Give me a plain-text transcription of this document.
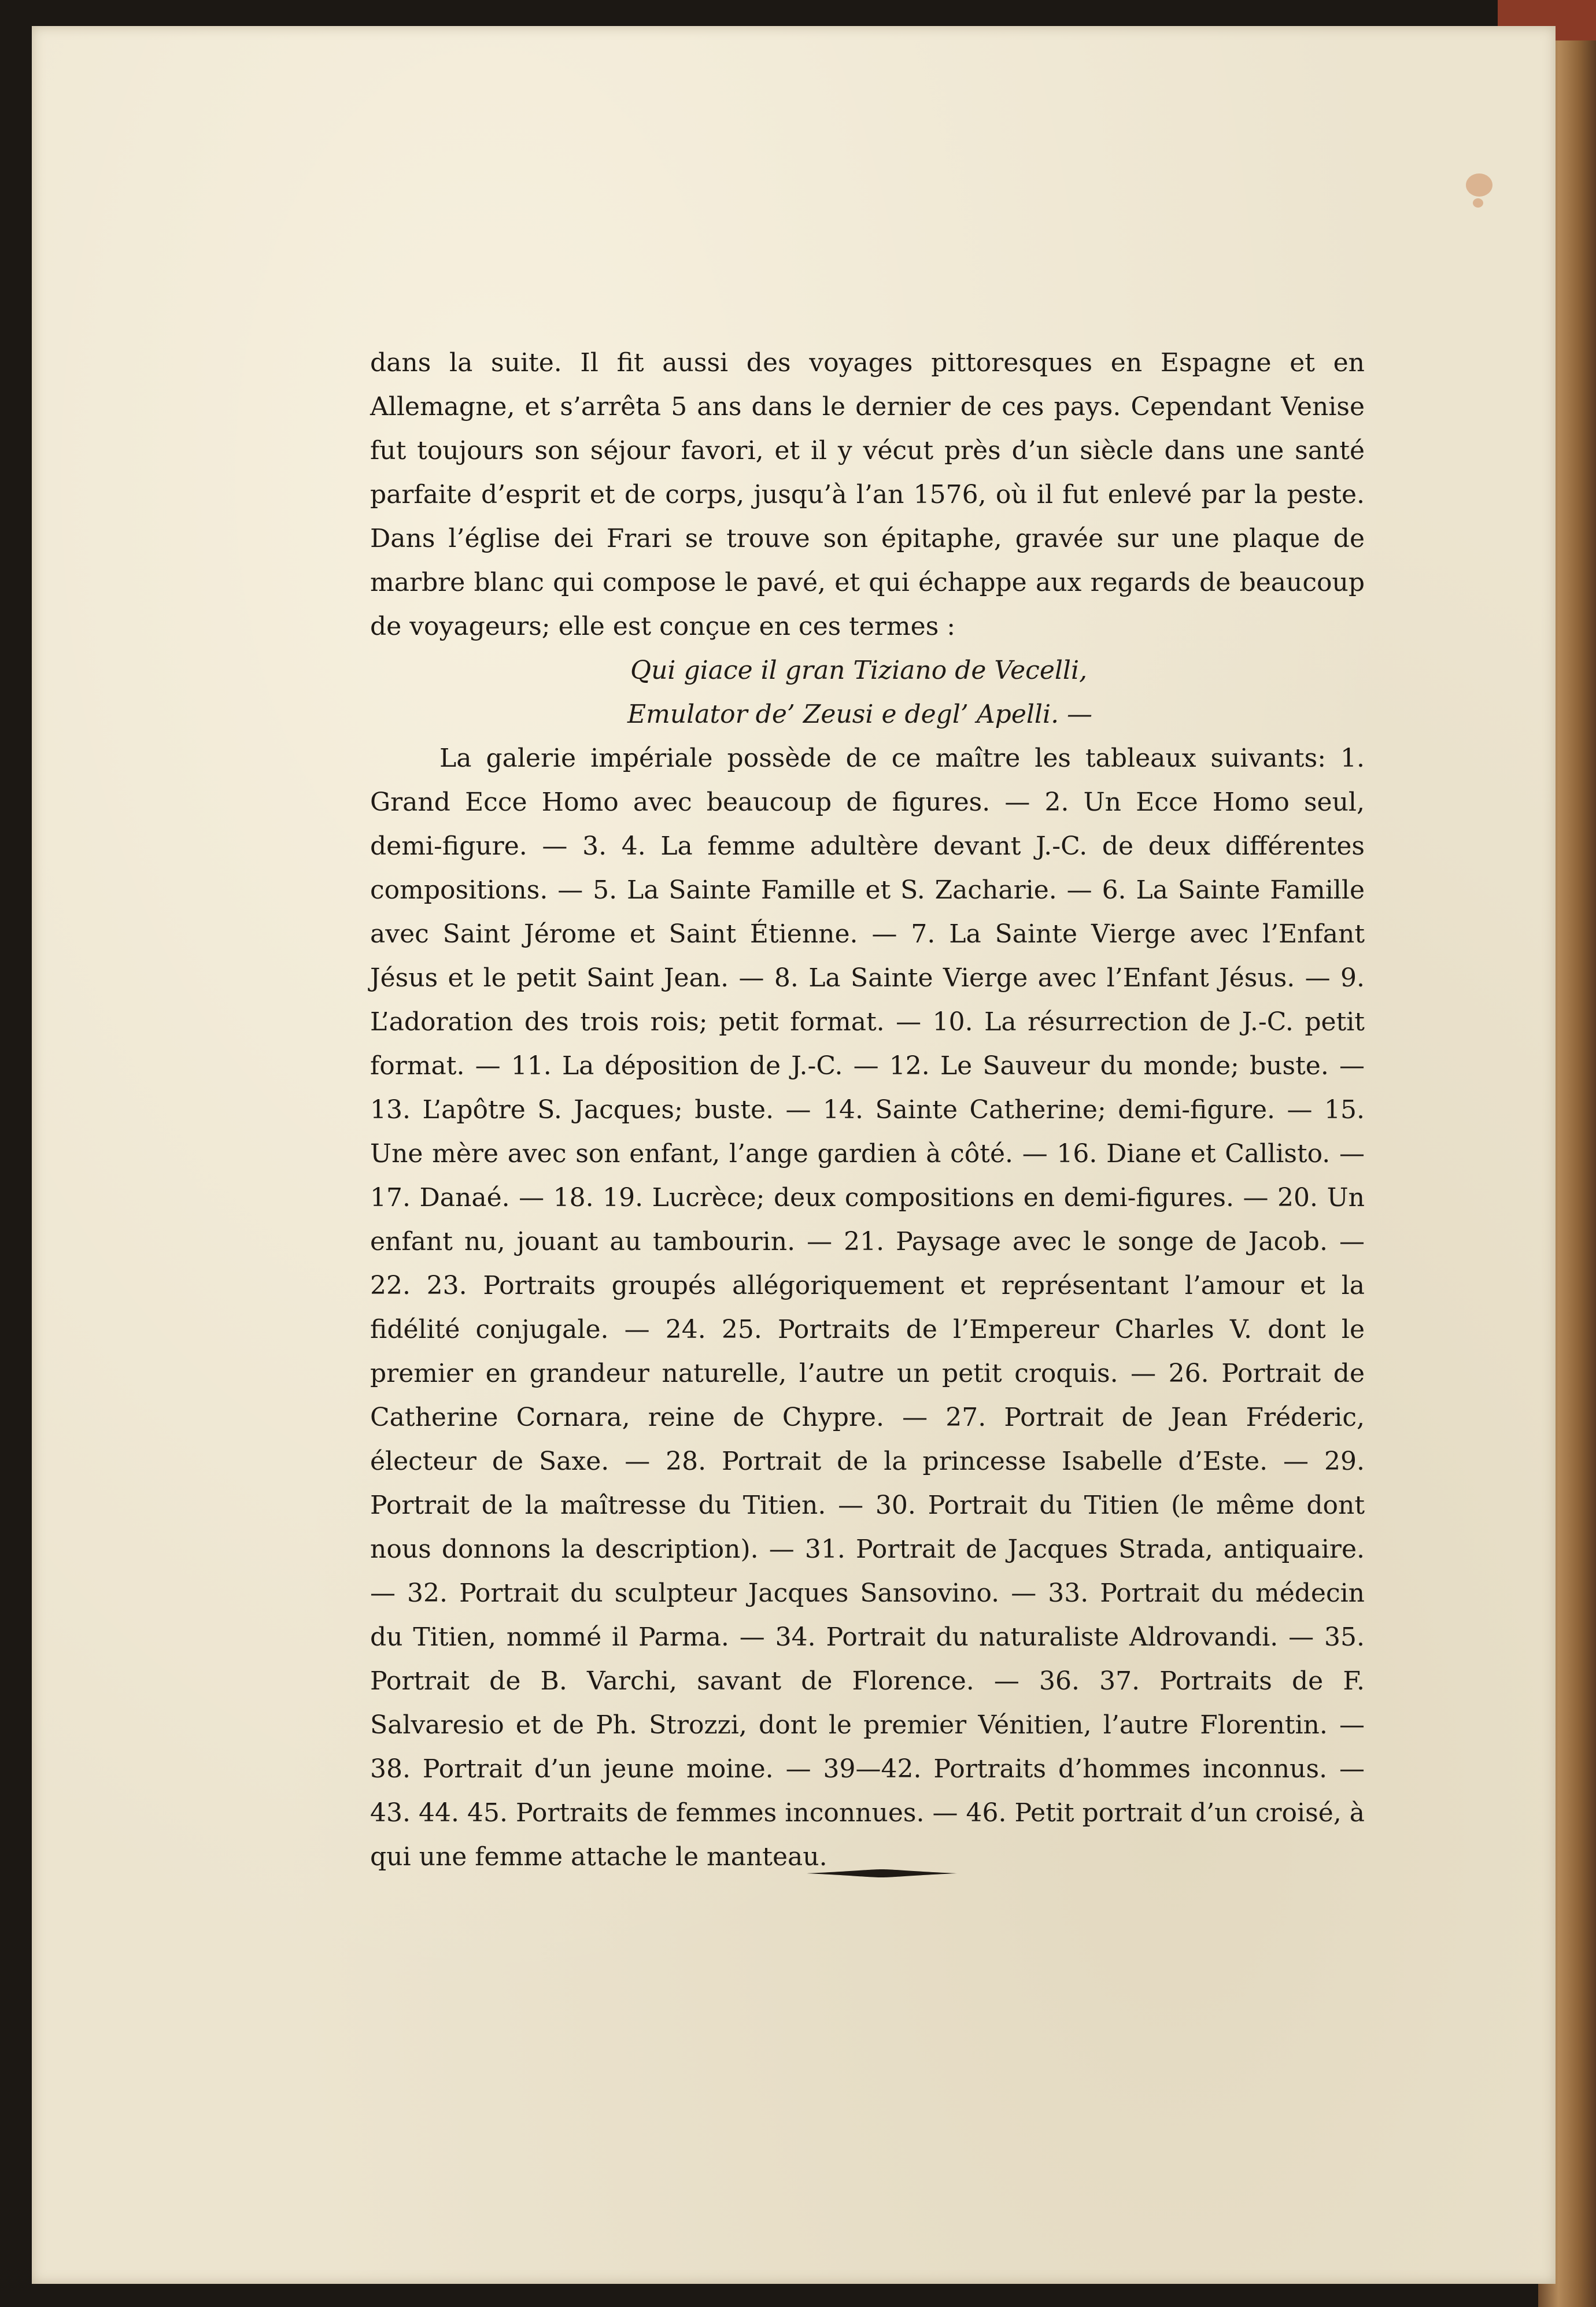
dans la suite. Il fit aussi des voyages pittoresques en Espagne et en Allemagne, et s’arrêta 5 ans dans le dernier de ces pays. Cependant Venise fut toujours son séjour favori, et il y vécut près d’un siècle dans une santé parfaite d’esprit et de corps, jusqu’à l’an 1576, où il fut enlevé par la peste. Dans l’église dei Frari se trouve son épitaphe, gravée sur une plaque de marbre blanc qui compose le pavé, et qui échappe aux regards de beaucoup de voyageurs; elle est conçue en ces termes :

Qui giace il gran Tiziano de Vecelli,
Emulator de’ Zeusi e degl’ Apelli. —

La galerie impériale possède de ce maître les tableaux suivants: 1. Grand Ecce Homo avec beaucoup de figures. — 2. Un Ecce Homo seul, demi-figure. — 3. 4. La femme adultère devant J.-C. de deux différentes compositions. — 5. La Sainte Famille et S. Zacharie. — 6. La Sainte Famille avec Saint Jérome et Saint Étienne. — 7. La Sainte Vierge avec l’Enfant Jésus et le petit Saint Jean. — 8. La Sainte Vierge avec l’Enfant Jésus. — 9. L’adoration des trois rois; petit format. — 10. La résurrection de J.-C. petit format. — 11. La déposition de J.-C. — 12. Le Sauveur du monde; buste. — 13. L’apôtre S. Jacques; buste. — 14. Sainte Catherine; demi-figure. — 15. Une mère avec son enfant, l’ange gardien à côté. — 16. Diane et Callisto. — 17. Danaé. — 18. 19. Lucrèce; deux compositions en demi-figures. — 20. Un enfant nu, jouant au tambourin. — 21. Paysage avec le songe de Jacob. — 22. 23. Portraits groupés allégoriquement et représentant l’amour et la fidélité conjugale. — 24. 25. Portraits de l’Empereur Charles V. dont le premier en grandeur naturelle, l’autre un petit croquis. — 26. Portrait de Catherine Cornara, reine de Chypre. — 27. Portrait de Jean Fréderic, électeur de Saxe. — 28. Portrait de la princesse Isabelle d’Este. — 29. Portrait de la maîtresse du Titien. — 30. Portrait du Titien (le même dont nous donnons la description). — 31. Portrait de Jacques Strada, antiquaire. — 32. Portrait du sculpteur Jacques Sansovino. — 33. Portrait du médecin du Titien, nommé il Parma. — 34. Portrait du naturaliste Aldrovandi. — 35. Portrait de B. Varchi, savant de Florence. — 36. 37. Portraits de F. Salvaresio et de Ph. Strozzi, dont le premier Vénitien, l’autre Florentin. — 38. Portrait d’un jeune moine. — 39—42. Portraits d’hommes inconnus. — 43. 44. 45. Portraits de femmes inconnues. — 46. Petit portrait d’un croisé, à qui une femme attache le manteau.
